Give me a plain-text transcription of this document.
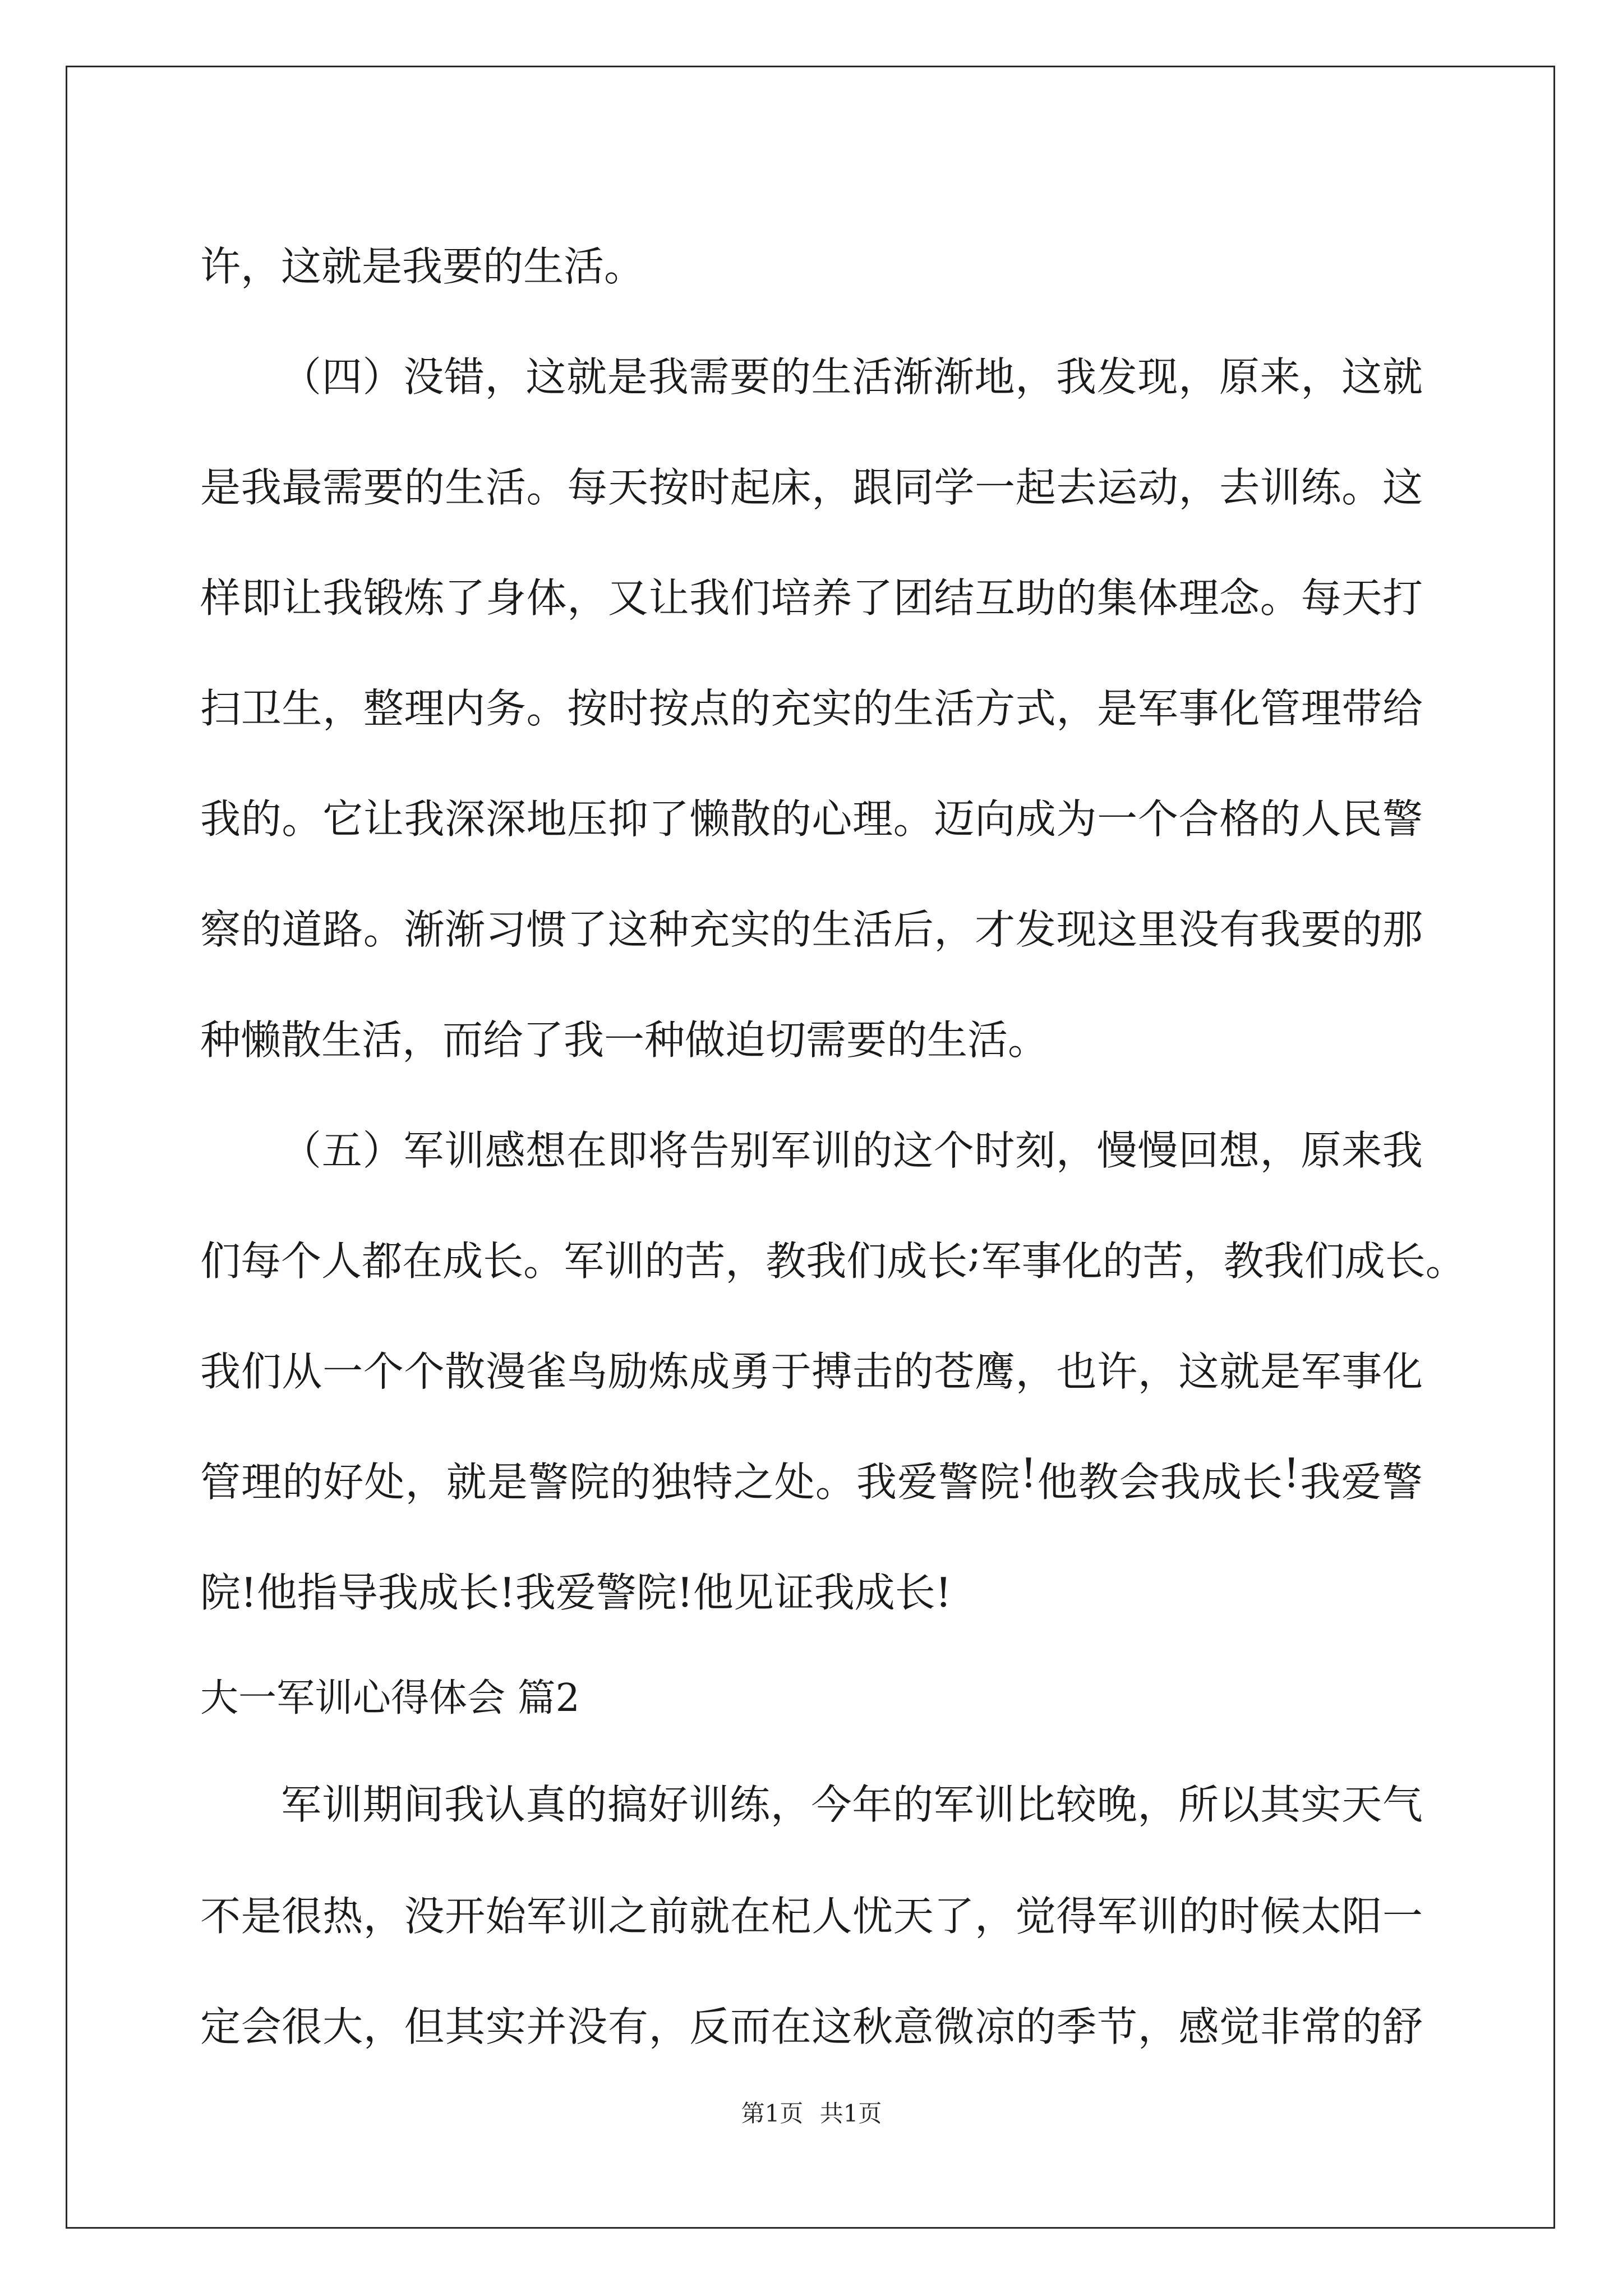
许，这就是我要的生活。
（ 四 ） 没 错 ， 这 就 是 我 需 要 的 生 活 渐 渐 地 ， 我 发 现 ， 原 来 ， 这 就
是 我 最 需 要 的 生 活 。 每 天 按 时 起 床 ， 跟 同 学 一 起 去 运 动 ， 去 训 练 。 这
样 即 让 我 锻 炼 了 身 体 ， 又 让 我 们 培 养 了 团 结 互 助 的 集 体 理 念 。 每 天 打
扫 卫 生 ， 整 理 内 务 。 按 时 按 点 的 充 实 的 生 活 方 式 ， 是 军 事 化 管 理 带 给
我 的 。 它 让 我 深 深 地 压 抑 了 懒 散 的 心 理 。 迈 向 成 为 一 个 合 格 的 人 民 警
察 的 道 路 。 渐 渐 习 惯 了 这 种 充 实 的 生 活 后 ， 才 发 现 这 里 没 有 我 要 的 那
种懒散生活，而给了我一种做迫切需要的生活。
（ 五 ） 军 训 感 想 在 即 将 告 别 军 训 的 这 个 时 刻 ， 慢 慢 回 想 ， 原 来 我
们 每 个 人 都 在 成 长 。 军 训 的 苦 ， 教 我 们 成 长 ; 军 事 化 的 苦 ， 教 我 们 成 长 。
我 们 从 一 个 个 散 漫 雀 鸟 励 炼 成 勇 于 搏 击 的 苍 鹰 ， 也 许 ， 这 就 是 军 事 化
管 理 的 好 处 ， 就 是 警 院 的 独 特 之 处 。 我 爱 警 院 ! 他 教 会 我 成 长 ! 我 爱 警
院!他指导我成长!我爱警院!他见证我成长!
大一军训心得体会 篇2
军 训 期 间 我 认 真 的 搞 好 训 练 ， 今 年 的 军 训 比 较 晚 ， 所 以 其 实 天 气
不 是 很 热 ， 没 开 始 军 训 之 前 就 在 杞 人 忧 天 了 ， 觉 得 军 训 的 时 候 太 阳 一
定 会 很 大 ， 但 其 实 并 没 有 ， 反 而 在 这 秋 意 微 凉 的 季 节 ， 感 觉 非 常 的 舒
第1页 共1页
